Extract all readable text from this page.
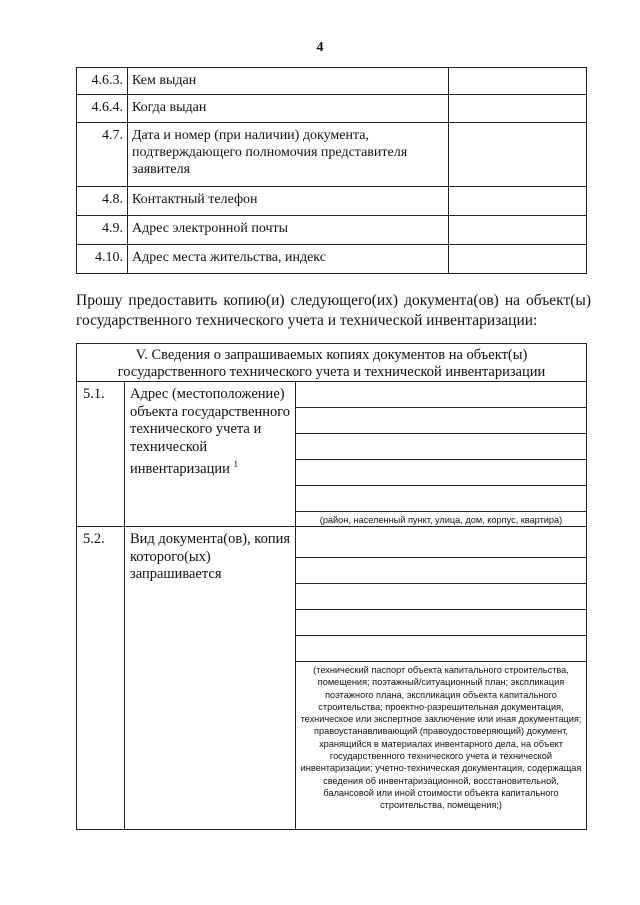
4
4.6.3.	Кем выдан	
4.6.4.	Когда выдан	
4.7.	Дата и номер (при наличии) документа, подтверждающего полномочия представителя заявителя	
4.8.	Контактный телефон	
4.9.	Адрес электронной почты	
4.10.	Адрес места жительства, индекс	
Прошу предоставить копию(и) следующего(их) документа(ов) на объект(ы) государственного технического учета и технической инвентаризации:
V. Сведения о запрашиваемых копиях документов на объект(ы)
государственного технического учета и технической инвентаризации
5.1. Адрес (местоположение) объекта государственного технического учета и технической инвентаризации $^1$
(район, населенный пункт, улица, дом, корпус, квартира)
5.2. Вид документа(ов), копия которого(ых) запрашивается
(технический паспорт объекта капитального строительства, помещения; поэтажный/ситуационный план; экспликация поэтажного плана, экспликация объекта капитального строительства; проектно-разрешительная документация, техническое или экспертное заключение или иная документация; правоустанавливающий (правоудостоверяющий) документ, хранящийся в материалах инвентарного дела, на объект государственного технического учета и технической инвентаризации; учетно-техническая документация, содержащая сведения об инвентаризационной, восстановительной, балансовой или иной стоимости объекта капитального строительства, помещения;)
